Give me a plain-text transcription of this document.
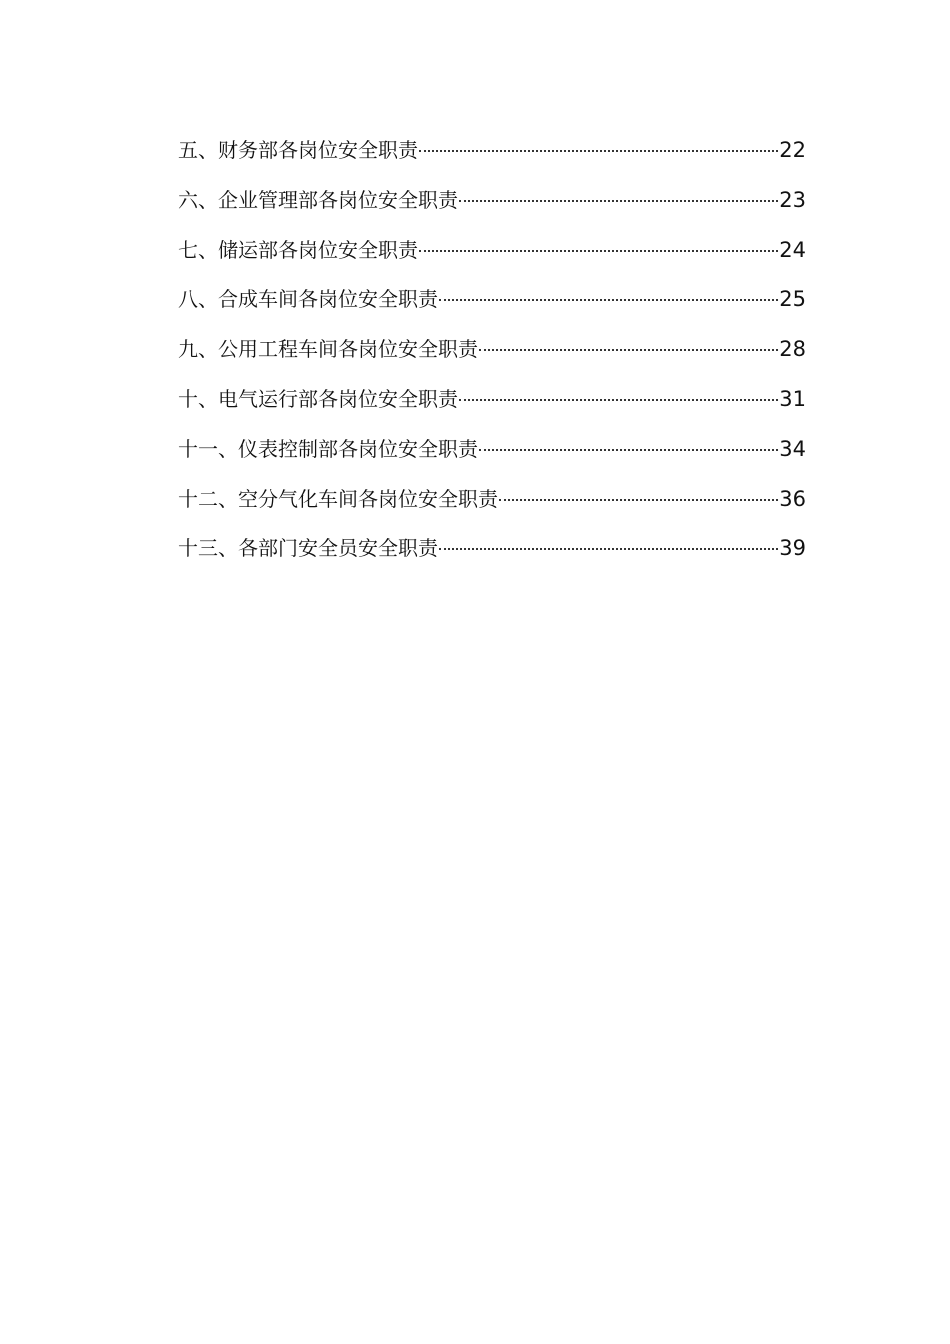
五、财务部各岗位安全职责	22
六、企业管理部各岗位安全职责	23
七、储运部各岗位安全职责	24
八、合成车间各岗位安全职责	25
九、公用工程车间各岗位安全职责	28
十、电气运行部各岗位安全职责	31
十一、仪表控制部各岗位安全职责	34
十二、空分气化车间各岗位安全职责	36
十三、各部门安全员安全职责	39
